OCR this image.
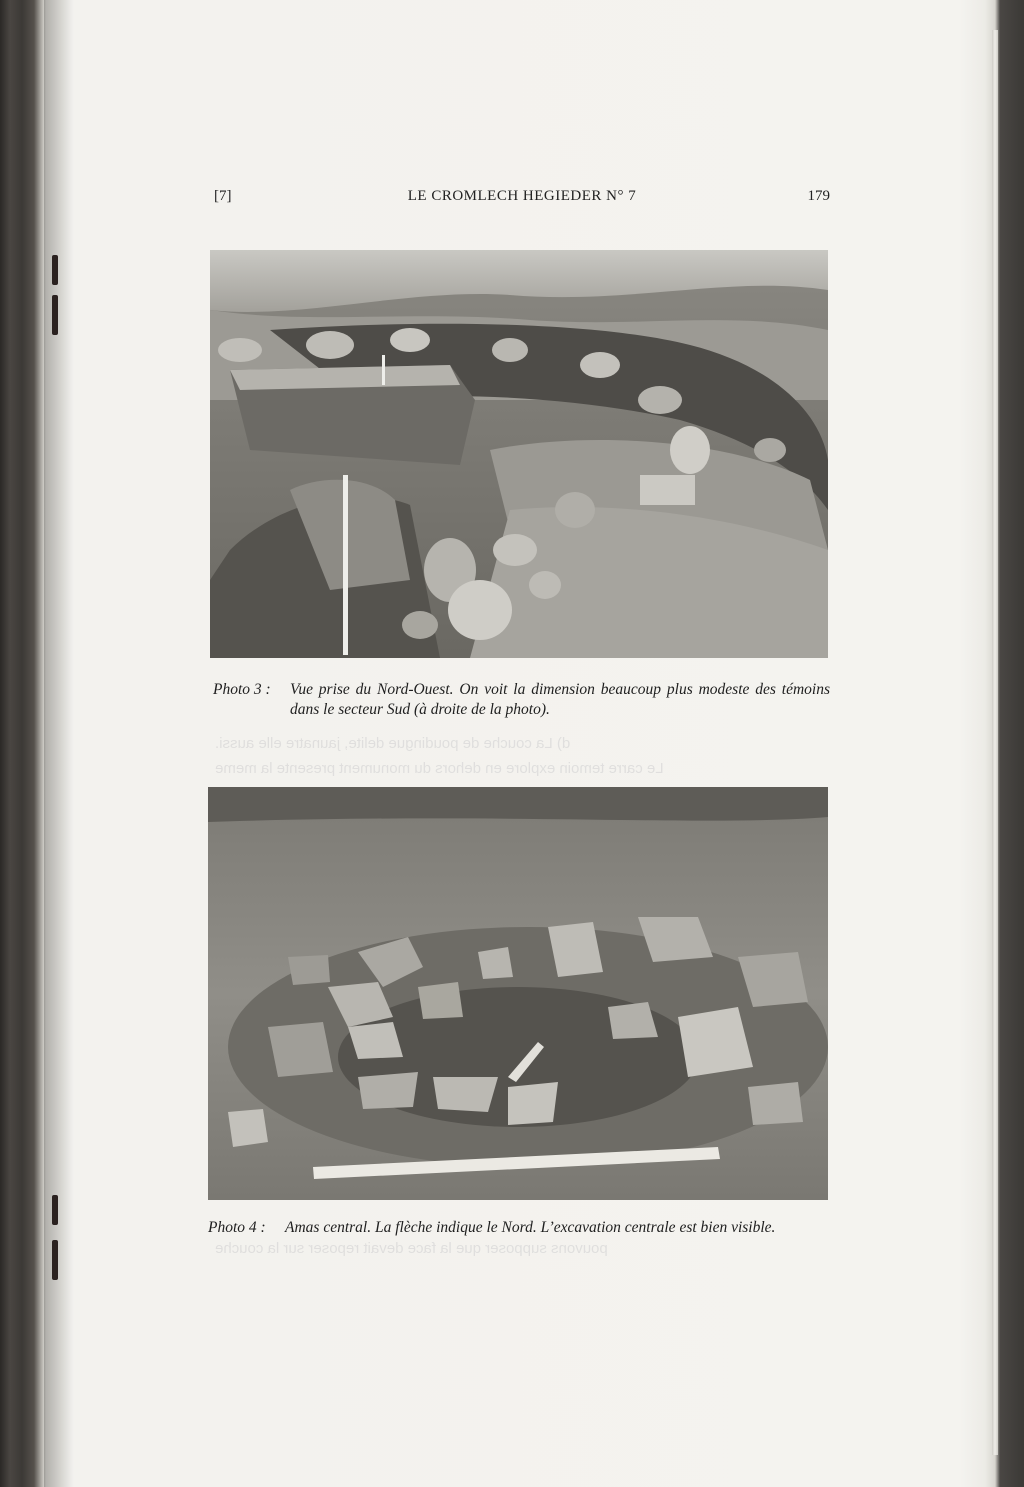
d) La couche de poudingue delite, jaunatre elle aussi.
Le carre temoin explore en dehors du monument presente la meme
pouvons supposer que la face devait reposer sur la couche
[7]	LE CROMLECH HEGIEDER N° 7	179
Photo 3 : Vue prise du Nord-Ouest. On voit la dimension beaucoup plus modeste des témoins dans le secteur Sud (à droite de la photo).
Photo 4 : Amas central. La flèche indique le Nord. L’excavation centrale est bien visible.
